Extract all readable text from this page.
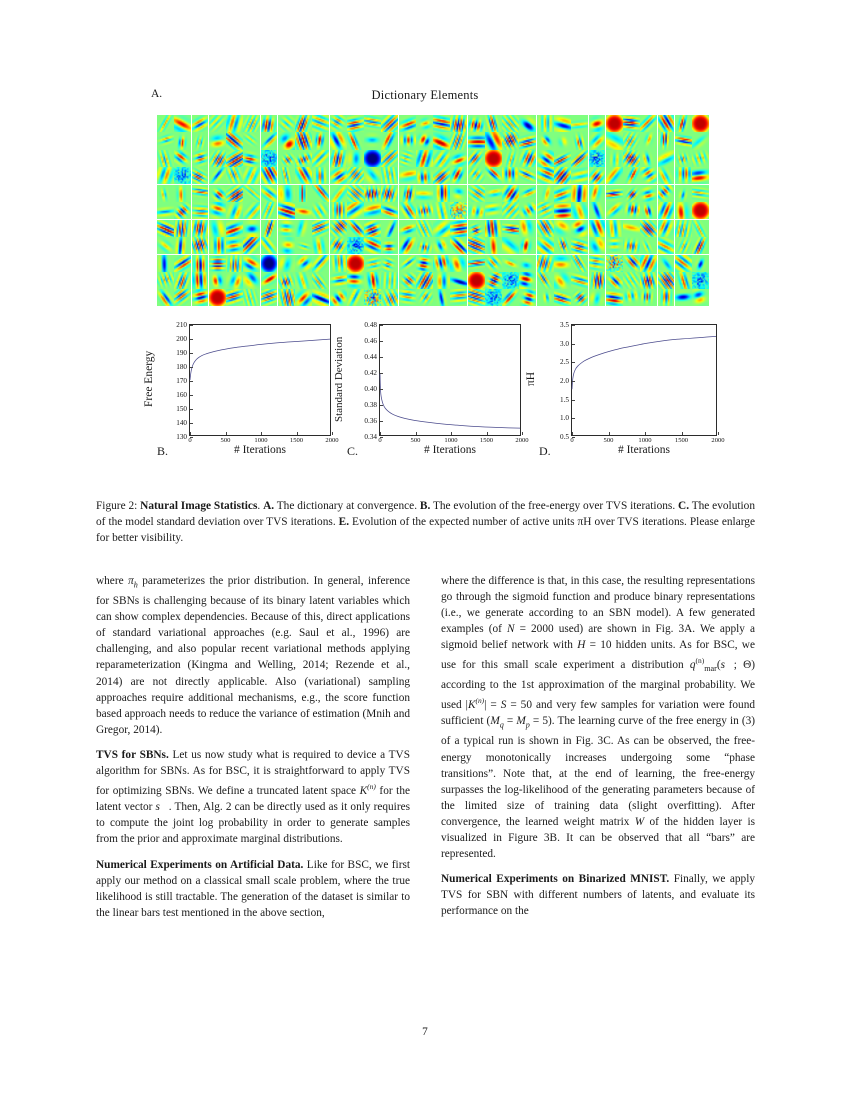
A.	Dictionary Elements
Free Energy
130
140
150
160
170
180
190
200
210
0	500	1000	1500	2000
B.	# Iterations
Standard Deviation
0.34
0.36
0.38
0.40
0.42
0.44
0.46
0.48
0	500	1000	1500	2000
C.	# Iterations
πH
0.5
1.0
1.5
2.0
2.5
3.0
3.5
0	500	1000	1500	2000
D.	# Iterations
Figure 2: Natural Image Statistics. A. The dictionary at convergence. B. The evolution of the free-energy over TVS iterations. C. The evolution of the model standard deviation over TVS iterations. E. Evolution of the expected number of active units πH over TVS iterations. Please enlarge for better visibility.

where $\pi_h$ parameterizes the prior distribution. In general, inference for SBNs is challenging because of its binary latent variables which can show complex dependencies. Because of this, direct applications of standard variational approaches (e.g. Saul et al., 1996) are challenging, and also popular recent variational methods applying reparameterization (Kingma and Welling, 2014; Rezende et al., 2014) are not directly applicable. Also (variational) sampling approaches require additional mechanisms, e.g., the score function based approach needs to reduce the variance of estimation (Mnih and Gregor, 2014).

TVS for SBNs. Let us now study what is required to device a TVS algorithm for SBNs. As for BSC, it is straightforward to apply TVS for optimizing SBNs. We define a truncated latent space $K^{(n)}$ for the latent vector s⃗. Then, Alg. 2 can be directly used as it only requires to compute the joint log probability in order to generate samples from the prior and approximate marginal distributions.

Numerical Experiments on Artificial Data. Like for BSC, we first apply our method on a classical small scale problem, where the true likelihood is still tractable. The generation of the dataset is similar to the linear bars test mentioned in the above section,

where the difference is that, in this case, the resulting representations go through the sigmoid function and produce binary representations (i.e., we generate according to an SBN model). A few generated examples (of N = 2000 used) are shown in Fig. 3A. We apply a sigmoid belief network with H = 10 hidden units. As for BSC, we use for this small scale experiment a distribution $q^{(n)}_{mar}(s⃗$; Θ) according to the 1st approximation of the marginal probability. We used $|K^{(n)}| = S = 50$ and very few samples for variation were found sufficient $(M_q = M_p = 5)$. The learning curve of the free energy in (3) of a typical run is shown in Fig. 3C. As can be observed, the free-energy monotonically increases undergoing some “phase transitions”. Note that, at the end of learning, the free-energy surpasses the log-likelihood of the generating parameters because of the limited size of training data (slight overfitting). After convergence, the learned weight matrix W of the hidden layer is visualized in Figure 3B. It can be observed that all “bars” are represented.

Numerical Experiments on Binarized MNIST. Finally, we apply TVS for SBN with different numbers of latents, and evaluate its performance on the

7
